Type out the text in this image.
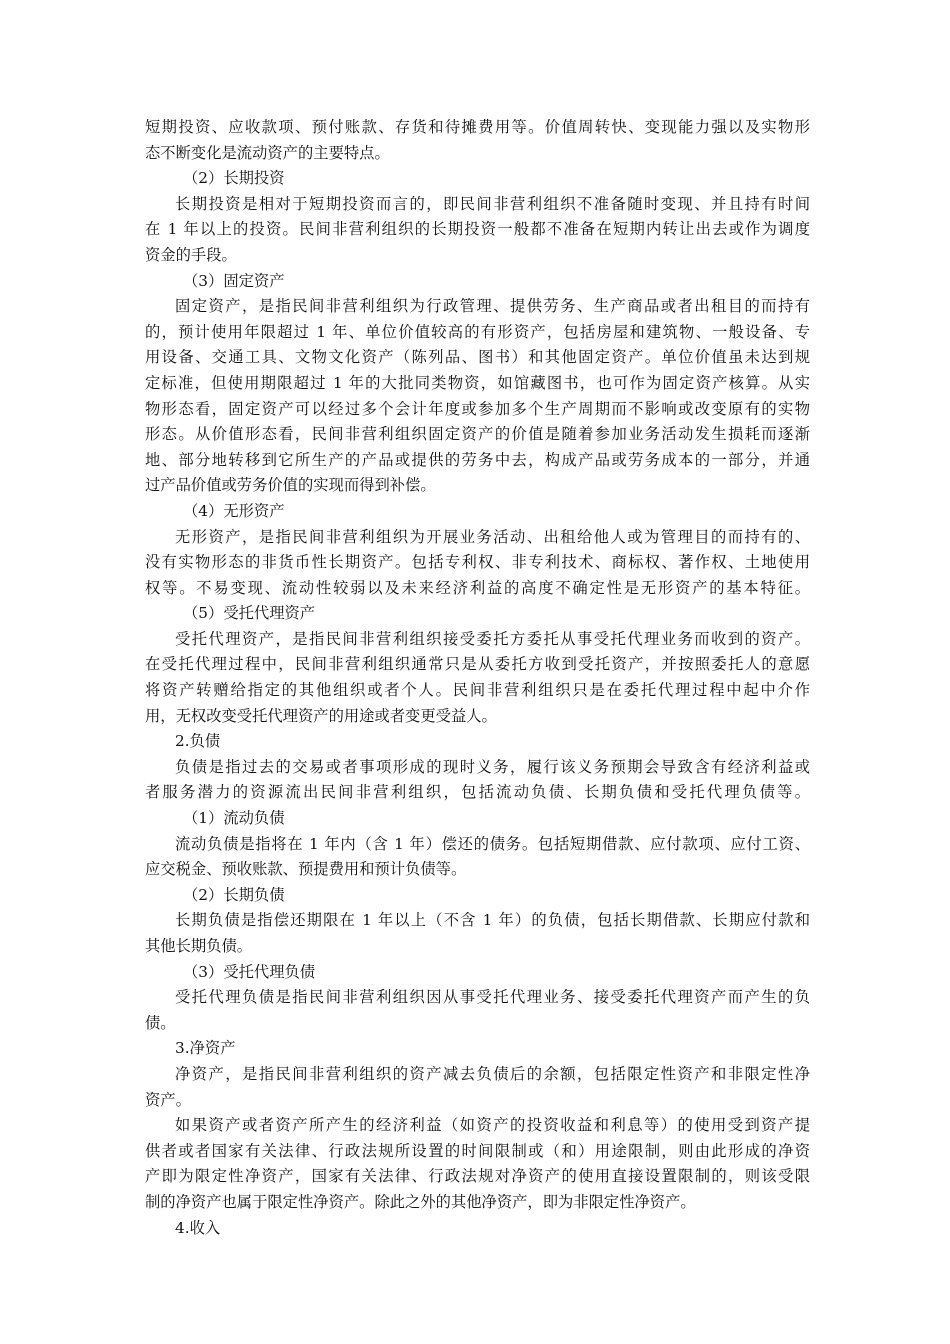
短期投资、应收款项、预付账款、存货和待摊费用等。价值周转快、变现能力强以及实物形
态不断变化是流动资产的主要特点。
（2）长期投资
长期投资是相对于短期投资而言的，即民间非营利组织不准备随时变现、并且持有时间
在 1 年以上的投资。民间非营利组织的长期投资一般都不准备在短期内转让出去或作为调度
资金的手段。
（3）固定资产
固定资产，是指民间非营利组织为行政管理、提供劳务、生产商品或者出租目的而持有
的，预计使用年限超过 1 年、单位价值较高的有形资产，包括房屋和建筑物、一般设备、专
用设备、交通工具、文物文化资产（陈列品、图书）和其他固定资产。单位价值虽未达到规
定标准，但使用期限超过 1 年的大批同类物资，如馆藏图书，也可作为固定资产核算。从实
物形态看，固定资产可以经过多个会计年度或参加多个生产周期而不影响或改变原有的实物
形态。从价值形态看，民间非营利组织固定资产的价值是随着参加业务活动发生损耗而逐渐
地、部分地转移到它所生产的产品或提供的劳务中去，构成产品或劳务成本的一部分，并通
过产品价值或劳务价值的实现而得到补偿。
（4）无形资产
无形资产，是指民间非营利组织为开展业务活动、出租给他人或为管理目的而持有的、
没有实物形态的非货币性长期资产。包括专利权、非专利技术、商标权、著作权、土地使用
权等。不易变现、流动性较弱以及未来经济利益的高度不确定性是无形资产的基本特征。
（5）受托代理资产
受托代理资产，是指民间非营利组织接受委托方委托从事受托代理业务而收到的资产。
在受托代理过程中，民间非营利组织通常只是从委托方收到受托资产，并按照委托人的意愿
将资产转赠给指定的其他组织或者个人。民间非营利组织只是在委托代理过程中起中介作
用，无权改变受托代理资产的用途或者变更受益人。
2.负债
负债是指过去的交易或者事项形成的现时义务，履行该义务预期会导致含有经济利益或
者服务潜力的资源流出民间非营利组织，包括流动负债、长期负债和受托代理负债等。
（1）流动负债
流动负债是指将在 1 年内（含 1 年）偿还的债务。包括短期借款、应付款项、应付工资、
应交税金、预收账款、预提费用和预计负债等。
（2）长期负债
长期负债是指偿还期限在 1 年以上（不含 1 年）的负债，包括长期借款、长期应付款和
其他长期负债。
（3）受托代理负债
受托代理负债是指民间非营利组织因从事受托代理业务、接受委托代理资产而产生的负
债。
3.净资产
净资产，是指民间非营利组织的资产减去负债后的余额，包括限定性资产和非限定性净
资产。
如果资产或者资产所产生的经济利益（如资产的投资收益和利息等）的使用受到资产提
供者或者国家有关法律、行政法规所设置的时间限制或（和）用途限制，则由此形成的净资
产即为限定性净资产，国家有关法律、行政法规对净资产的使用直接设置限制的，则该受限
制的净资产也属于限定性净资产。除此之外的其他净资产，即为非限定性净资产。
4.收入
